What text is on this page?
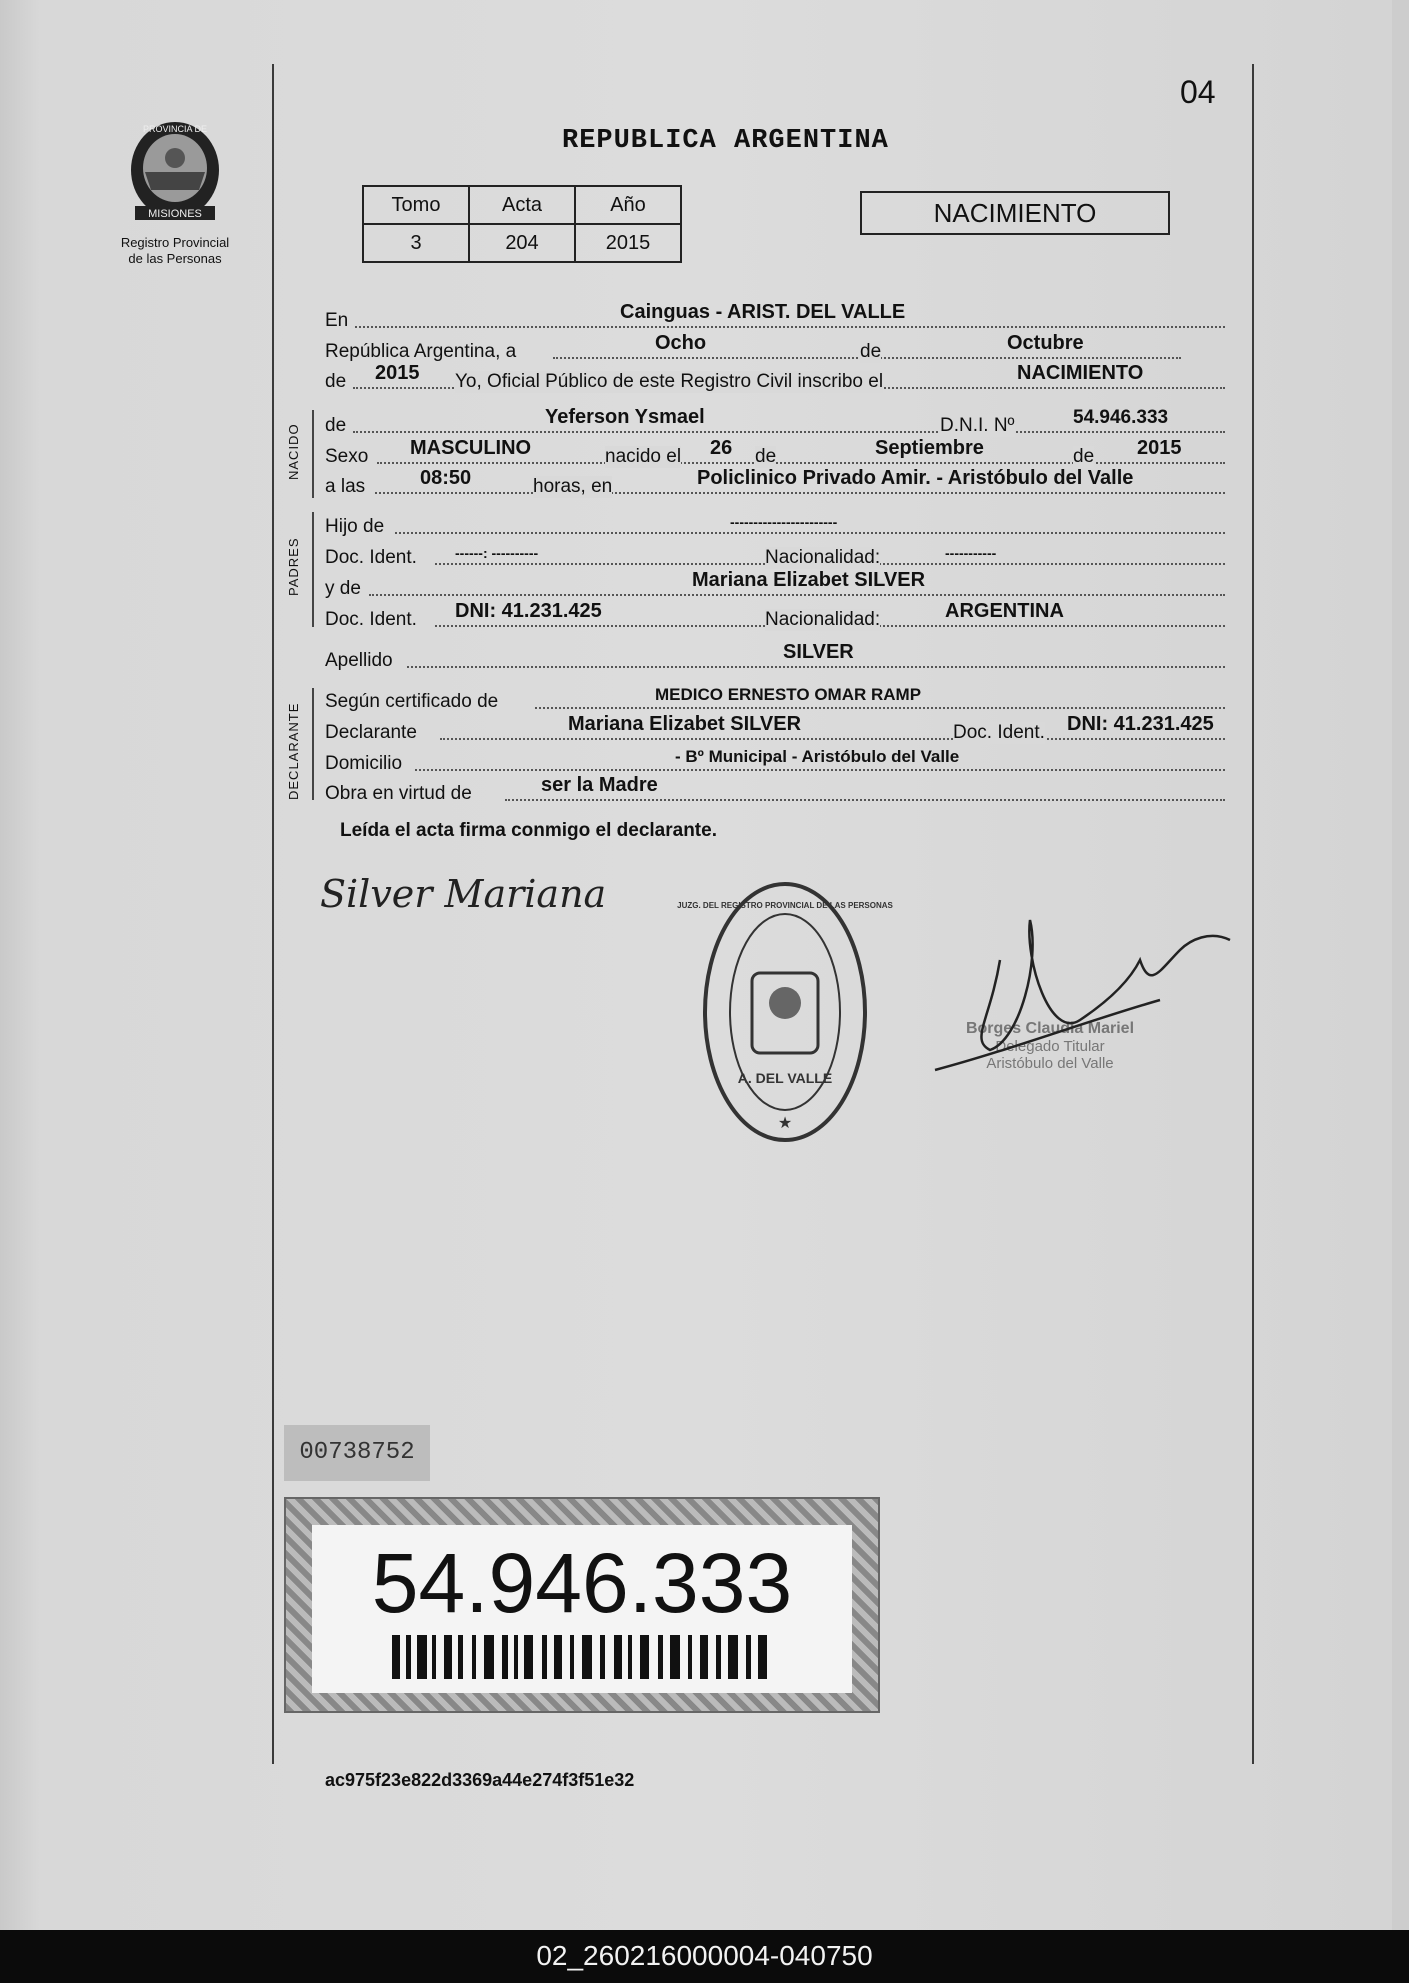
04
MISIONES
PROVINCIA DE
Registro Provincial
de las Personas
REPUBLICA ARGENTINA
Tomo	Acta	Año
3	204	2015
NACIMIENTO
En	Cainguas - ARIST. DEL VALLE
República Argentina, a	Ocho	de	Octubre
de 2015 Yo, Oficial Público de este Registro Civil inscribo el	NACIMIENTO
NACIDO de	Yeferson Ysmael	D.N.I. Nº	54.946.333
Sexo MASCULINO	nacido el 26 de	Septiembre	de 2015
a las	08:50	horas, en	Policlinico Privado Amir. - Aristóbulo del Valle
PADRES
Hijo de	-----------------------
Doc. Ident.	------: ----------	Nacionalidad:	-----------
y de	Mariana Elizabet SILVER
Doc. Ident. DNI: 41.231.425	Nacionalidad:	ARGENTINA
Apellido	SILVER
DECLARANTE
Según certificado de	MEDICO ERNESTO OMAR RAMP
Declarante	Mariana Elizabet SILVER	Doc. Ident. DNI: 41.231.425
Domicilio	- Bº Municipal - Aristóbulo del Valle
Obra en virtud de	ser la Madre
Leída el acta firma conmigo el declarante.
Silver Mariana
★
A. DEL VALLE
JUZG. DEL REGISTRO PROVINCIAL DE LAS PERSONAS
Borges Claudia Mariel
Delegado Titular
Aristóbulo del Valle
00738752
54.946.333
ac975f23e822d3369a44e274f3f51e32
02_260216000004-040750
